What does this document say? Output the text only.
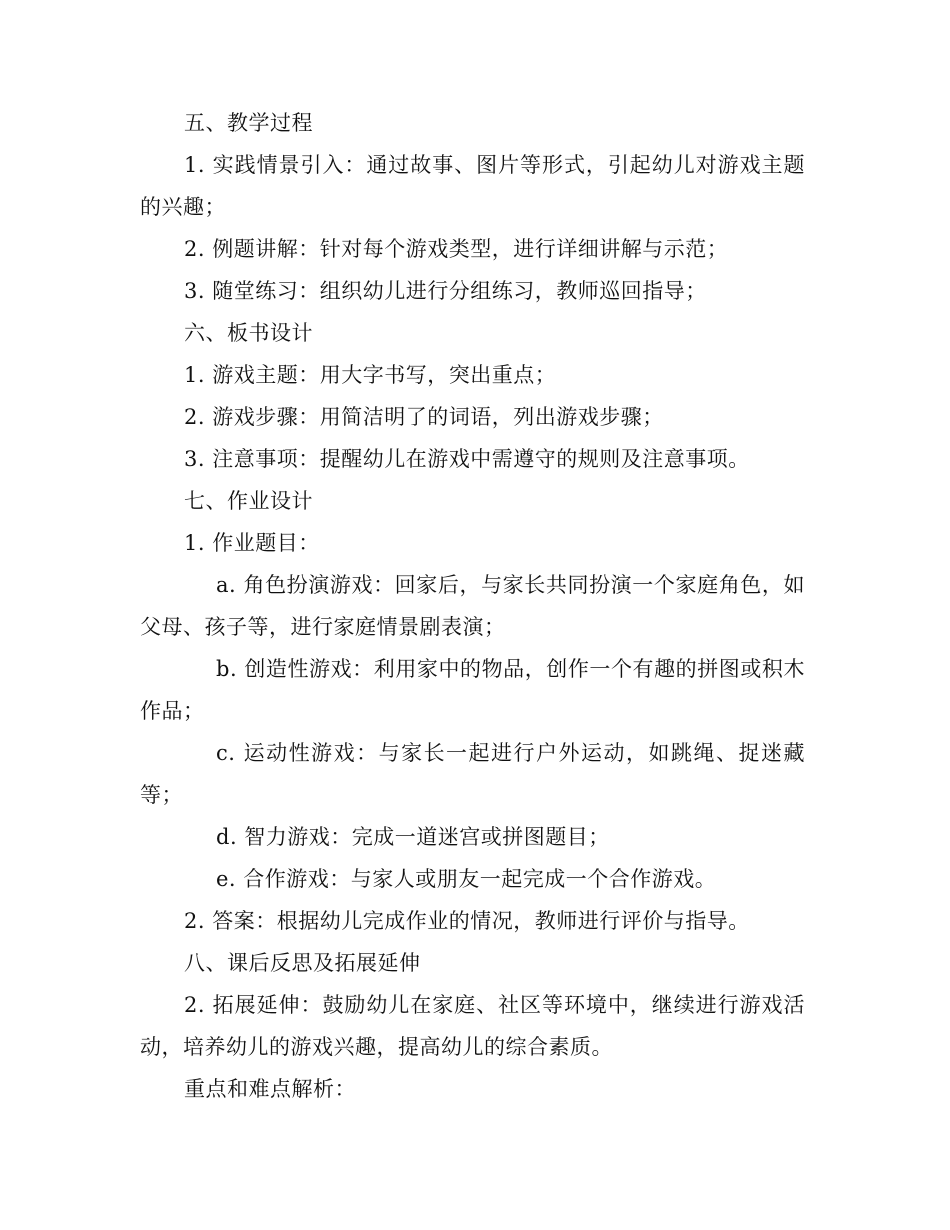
五、教学过程

1. 实践情景引入：通过故事、图片等形式，引起幼儿对游戏主题的兴趣；

2. 例题讲解：针对每个游戏类型，进行详细讲解与示范；

3. 随堂练习：组织幼儿进行分组练习，教师巡回指导；

六、板书设计

1. 游戏主题：用大字书写，突出重点；

2. 游戏步骤：用简洁明了的词语，列出游戏步骤；

3. 注意事项：提醒幼儿在游戏中需遵守的规则及注意事项。

七、作业设计

1. 作业题目：

a. 角色扮演游戏：回家后，与家长共同扮演一个家庭角色，如父母、孩子等，进行家庭情景剧表演；

b. 创造性游戏：利用家中的物品，创作一个有趣的拼图或积木作品；

c. 运动性游戏：与家长一起进行户外运动，如跳绳、捉迷藏等；

d. 智力游戏：完成一道迷宫或拼图题目；

e. 合作游戏：与家人或朋友一起完成一个合作游戏。

2. 答案：根据幼儿完成作业的情况，教师进行评价与指导。

八、课后反思及拓展延伸

2. 拓展延伸：鼓励幼儿在家庭、社区等环境中，继续进行游戏活动，培养幼儿的游戏兴趣，提高幼儿的综合素质。

重点和难点解析：
